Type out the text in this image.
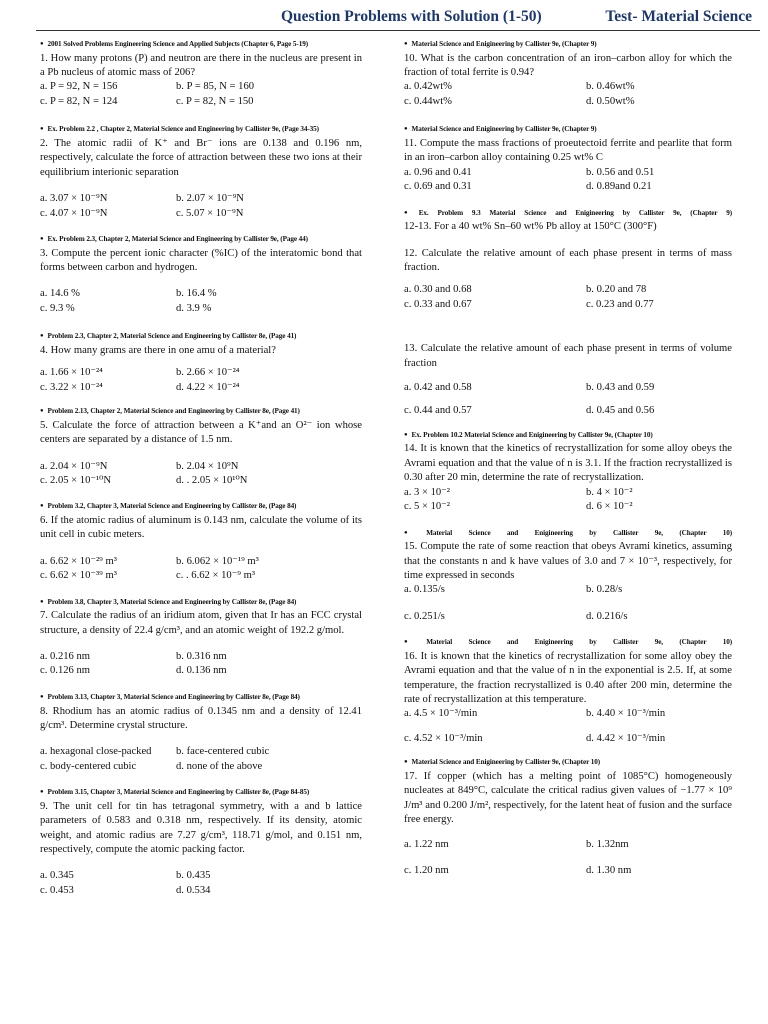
Question Problems with Solution (1-50)	Test- Material Science
● 2001 Solved Problems Engineering Science and Applied Subjects (Chapter 6, Page 5-19)
1. How many protons (P) and neutron are there in the nucleus are present in a Pb nucleus of atomic mass of 206?
a. P = 92, N = 156	b. P = 85, N = 160
c. P = 82, N = 124	c. P = 82, N = 150
● Ex. Problem 2.2 , Chapter 2, Material Science and Engineering by Callister 9e, (Page 34-35)
2. The atomic radii of K⁺ and Br⁻ ions are 0.138 and 0.196 nm, respectively, calculate the force of attraction between these two ions at their equilibrium interionic separation
a. 3.07 × 10⁻⁹N	b. 2.07 × 10⁻⁹N
c. 4.07 × 10⁻⁹N	c. 5.07 × 10⁻⁹N
● Ex. Problem 2.3, Chapter 2, Material Science and Engineering by Callister 9e, (Page 44)
3. Compute the percent ionic character (%IC) of the interatomic bond that forms between carbon and hydrogen.
a. 14.6 %	b. 16.4 %
c. 9.3 %	d. 3.9 %
● Problem 2.3, Chapter 2, Material Science and Engineering by Callister 8e, (Page 41)
4. How many grams are there in one amu of a material?
a. 1.66 × 10⁻²⁴	b. 2.66 × 10⁻²⁴
c. 3.22 × 10⁻²⁴	d. 4.22 × 10⁻²⁴
● Problem 2.13, Chapter 2, Material Science and Engineering by Callister 8e, (Page 41)
5. Calculate the force of attraction between a K⁺and an O²⁻ ion whose centers are separated by a distance of 1.5 nm.
a. 2.04 × 10⁻⁹N	b. 2.04 × 10⁹N
c. 2.05 × 10⁻¹⁰N	d. . 2.05 × 10¹⁰N
● Problem 3.2, Chapter 3, Material Science and Engineering by Callister 8e, (Page 84)
6. If the atomic radius of aluminum is 0.143 nm, calculate the volume of its unit cell in cubic meters.
a. 6.62 × 10⁻²⁹ m³	b. 6.062 × 10⁻¹⁹ m³
c. 6.62 × 10⁻³⁹ m³	c. . 6.62 × 10⁻⁹ m³
● Problem 3.8, Chapter 3, Material Science and Engineering by Callister 8e, (Page 84)
7. Calculate the radius of an iridium atom, given that Ir has an FCC crystal structure, a density of 22.4 g/cm³, and an atomic weight of 192.2 g/mol.
a. 0.216 nm	b. 0.316 nm
c. 0.126 nm	d. 0.136 nm
● Problem 3.13, Chapter 3, Material Science and Engineering by Callister 8e, (Page 84)
8. Rhodium has an atomic radius of 0.1345 nm and a density of 12.41 g/cm³. Determine crystal structure.
a. hexagonal close-packed	b. face-centered cubic
c. body-centered cubic	d. none of the above
● Problem 3.15, Chapter 3, Material Science and Engineering by Callister 8e, (Page 84-85)
9. The unit cell for tin has tetragonal symmetry, with a and b lattice parameters of 0.583 and 0.318 nm, respectively. If its density, atomic weight, and atomic radius are 7.27 g/cm³, 118.71 g/mol, and 0.151 nm, respectively, compute the atomic packing factor.
a. 0.345	b. 0.435
c. 0.453	d. 0.534
● Material Science and Enigineering by Callister 9e, (Chapter 9)
10. What is the carbon concentration of an iron–carbon alloy for which the fraction of total ferrite is 0.94?
a. 0.42wt%	b. 0.46wt%
c. 0.44wt%	d. 0.50wt%
● Material Science and Enigineering by Callister 9e, (Chapter 9)
11. Compute the mass fractions of proeutectoid ferrite and pearlite that form in an iron–carbon alloy containing 0.25 wt% C
a. 0.96 and 0.41	b. 0.56 and 0.51
c. 0.69 and 0.31	d. 0.89and 0.21
● Ex. Problem 9.3 Material Science and Enigineering by Callister 9e, (Chapter 9)
12-13. For a 40 wt% Sn–60 wt% Pb alloy at 150°C (300°F)
12. Calculate the relative amount of each phase present in terms of mass fraction.
a. 0.30 and 0.68	b. 0.20 and 78
c. 0.33 and 0.67	c. 0.23 and 0.77
13. Calculate the relative amount of each phase present in terms of volume fraction
a. 0.42 and 0.58	b. 0.43 and 0.59
c. 0.44 and 0.57	d. 0.45 and 0.56
● Ex. Problem 10.2 Material Science and Enigineering by Callister 9e, (Chapter 10)
14. It is known that the kinetics of recrystallization for some alloy obeys the Avrami equation and that the value of n is 3.1. If the fraction recrystallized is 0.30 after 20 min, determine the rate of recrystallization.
a. 3 × 10⁻²	b. 4 × 10⁻²
c. 5 × 10⁻²	d. 6 × 10⁻²
● Material Science and Enigineering by Callister 9e, (Chapter 10)
15. Compute the rate of some reaction that obeys Avrami kinetics, assuming that the constants n and k have values of 3.0 and 7 × 10⁻³, respectively, for time expressed in seconds
a. 0.135/s	b. 0.28/s
c. 0.251/s	d. 0.216/s
● Material Science and Enigineering by Callister 9e, (Chapter 10)
16. It is known that the kinetics of recrystallization for some alloy obey the Avrami equation and that the value of n in the exponential is 2.5. If, at some temperature, the fraction recrystallized is 0.40 after 200 min, determine the rate of recrystallization at this temperature.
a. 4.5 × 10⁻³/min	b. 4.40 × 10⁻³/min
c. 4.52 × 10⁻³/min	d. 4.42 × 10⁻³/min
● Material Science and Enigineering by Callister 9e, (Chapter 10)
17. If copper (which has a melting point of 1085°C) homogeneously nucleates at 849°C, calculate the critical radius given values of −1.77 × 10⁹ J/m³ and 0.200 J/m², respectively, for the latent heat of fusion and the surface free energy.
a. 1.22 nm	b. 1.32nm
c. 1.20 nm	d. 1.30 nm
